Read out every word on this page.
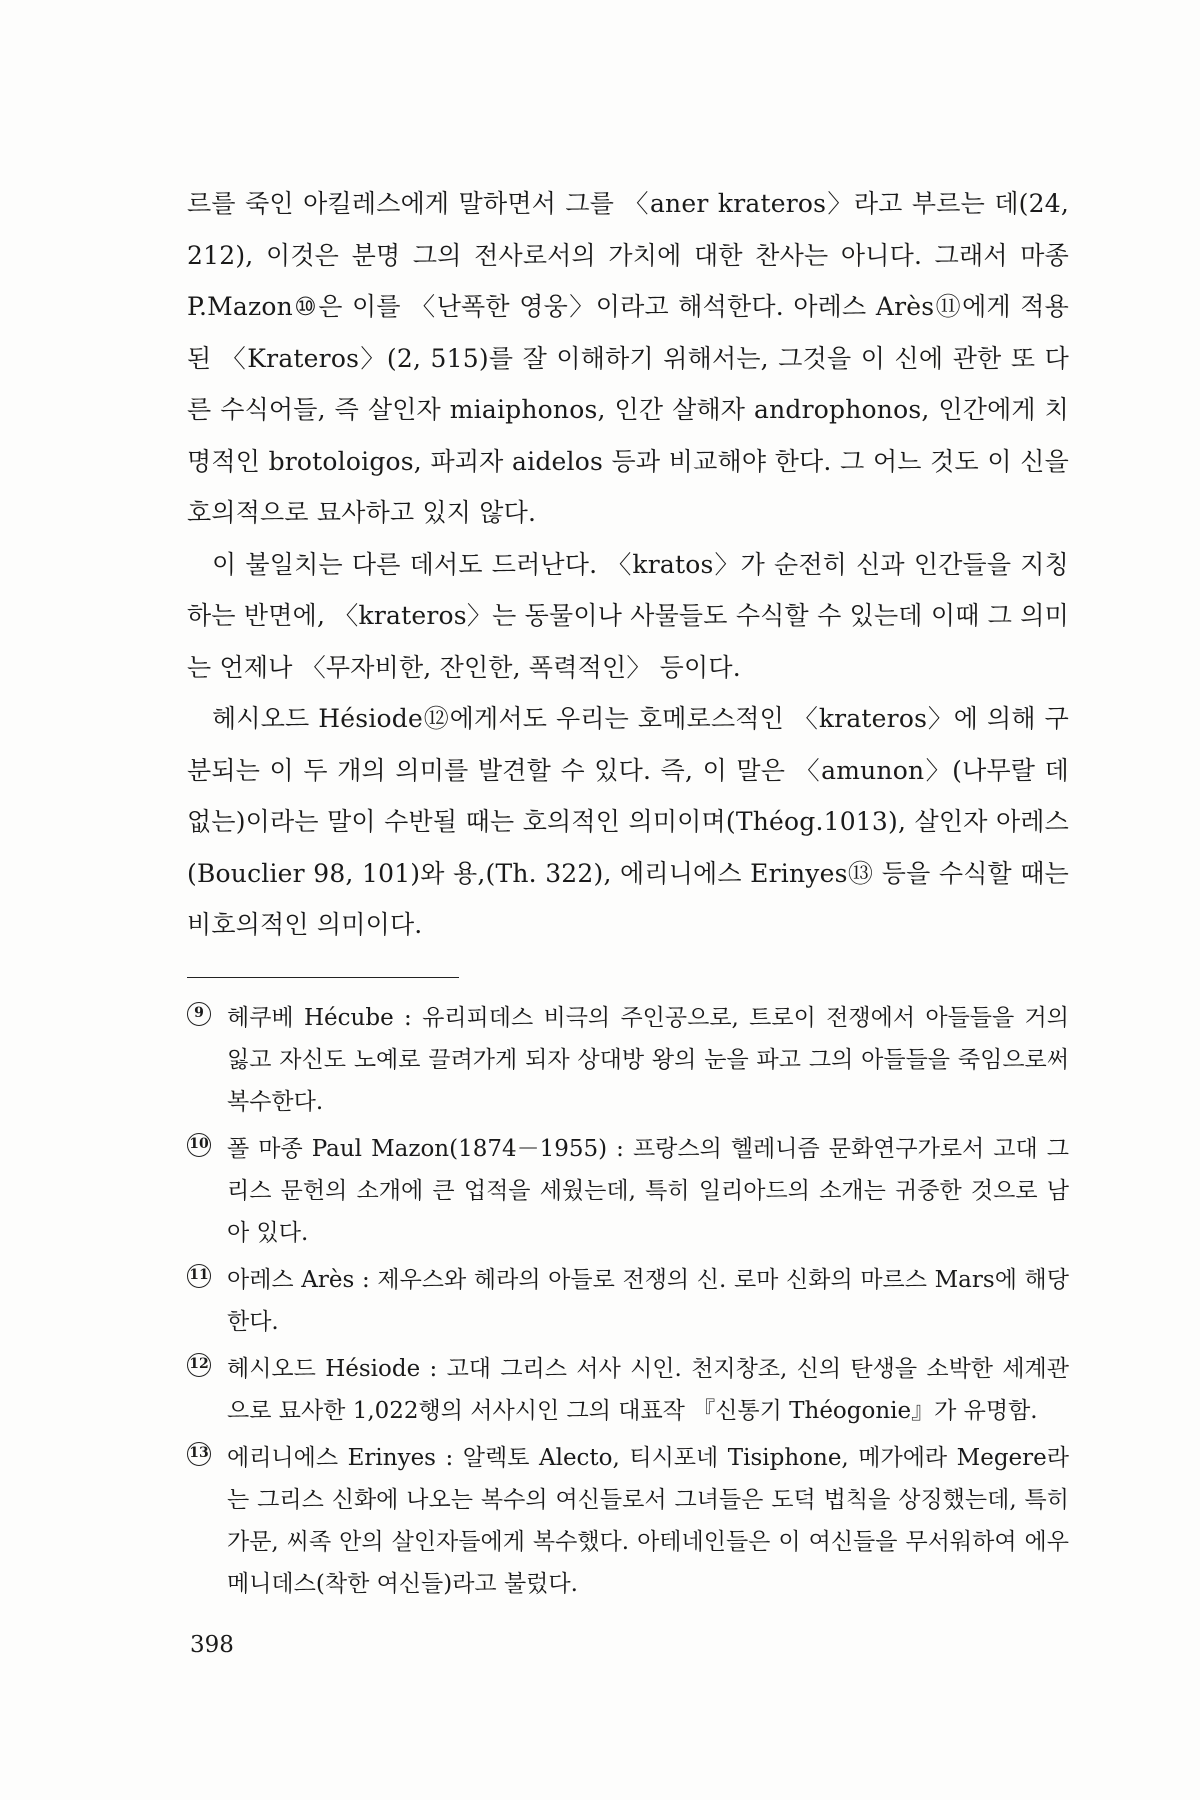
르를 죽인 아킬레스에게 말하면서 그를 〈aner krateros〉라고 부르는 데(24, 212), 이것은 분명 그의 전사로서의 가치에 대한 찬사는 아니다. 그래서 마종 P.Mazon⑩은 이를 〈난폭한 영웅〉이라고 해석한다. 아레스 Arès⑪에게 적용된 〈Krateros〉(2, 515)를 잘 이해하기 위해서는, 그것을 이 신에 관한 또 다른 수식어들, 즉 살인자 miaiphonos, 인간 살해자 androphonos, 인간에게 치명적인 brotoloigos, 파괴자 aidelos 등과 비교해야 한다. 그 어느 것도 이 신을 호의적으로 묘사하고 있지 않다.

이 불일치는 다른 데서도 드러난다. 〈kratos〉가 순전히 신과 인간들을 지칭하는 반면에, 〈krateros〉는 동물이나 사물들도 수식할 수 있는데 이때 그 의미는 언제나 〈무자비한, 잔인한, 폭력적인〉 등이다.

헤시오드 Hésiode⑫에게서도 우리는 호메로스적인 〈krateros〉에 의해 구분되는 이 두 개의 의미를 발견할 수 있다. 즉, 이 말은 〈amunon〉(나무랄 데 없는)이라는 말이 수반될 때는 호의적인 의미이며(Théog.1013), 살인자 아레스 (Bouclier 98, 101)와 용,(Th. 322), 에리니에스 Erinyes⑬ 등을 수식할 때는 비호의적인 의미이다.

9	헤쿠베 Hécube : 유리피데스 비극의 주인공으로, 트로이 전쟁에서 아들들을 거의 잃고 자신도 노예로 끌려가게 되자 상대방 왕의 눈을 파고 그의 아들들을 죽임으로써 복수한다.
10 폴 마종 Paul Mazon(1874－1955) : 프랑스의 헬레니즘 문화연구가로서 고대 그리스 문헌의 소개에 큰 업적을 세웠는데, 특히 일리아드의 소개는 귀중한 것으로 남아 있다.
11 아레스 Arès : 제우스와 헤라의 아들로 전쟁의 신. 로마 신화의 마르스 Mars에 해당한다.
12 헤시오드 Hésiode : 고대 그리스 서사 시인. 천지창조, 신의 탄생을 소박한 세계관으로 묘사한 1,022행의 서사시인 그의 대표작 『신통기 Théogonie』가 유명함.
13 에리니에스 Erinyes : 알렉토 Alecto, 티시포네 Tisiphone, 메가에라 Megere라는 그리스 신화에 나오는 복수의 여신들로서 그녀들은 도덕 법칙을 상징했는데, 특히 가문, 씨족 안의 살인자들에게 복수했다. 아테네인들은 이 여신들을 무서워하여 에우메니데스(착한 여신들)라고 불렀다.
398
